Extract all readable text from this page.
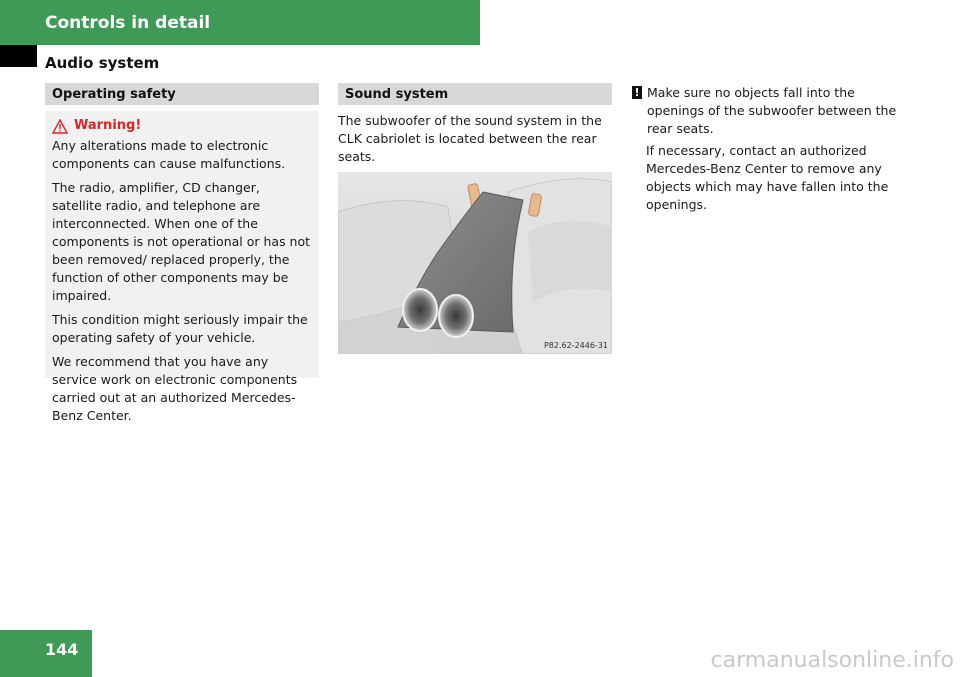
Controls in detail
Audio system
Operating safety
Warning!

Any alterations made to electronic components can cause malfunctions.

The radio, amplifier, CD changer, satellite radio, and telephone are interconnected. When one of the components is not operational or has not been removed/ replaced properly, the function of other components may be impaired.

This condition might seriously impair the operating safety of your vehicle.

We recommend that you have any service work on electronic components carried out at an authorized Mercedes-Benz Center.

Sound system

The subwoofer of the sound system in the CLK cabriolet is located between the rear seats.

P82.62-2446-31

! Make sure no objects fall into the openings of the subwoofer between the rear seats.

If necessary, contact an authorized Mercedes-Benz Center to remove any objects which may have fallen into the openings.

144	carmanualsonline.info
